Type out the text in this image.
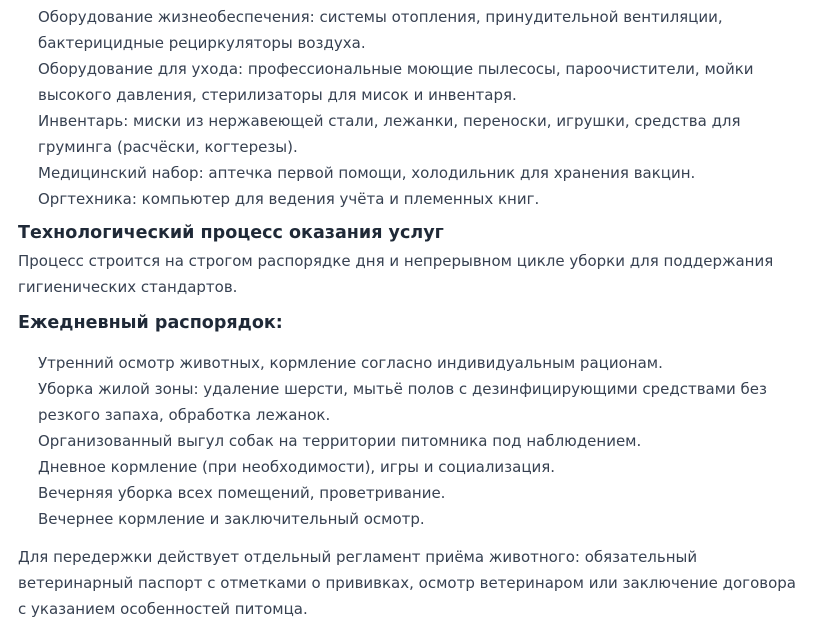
Оборудование жизнеобеспечения: системы отопления, принудительной вентиляции, бактерицидные рециркуляторы воздуха.
Оборудование для ухода: профессиональные моющие пылесосы, пароочистители, мойки высокого давления, стерилизаторы для мисок и инвентаря.
Инвентарь: миски из нержавеющей стали, лежанки, переноски, игрушки, средства для груминга (расчёски, когтерезы).
Медицинский набор: аптечка первой помощи, холодильник для хранения вакцин.
Оргтехника: компьютер для ведения учёта и племенных книг.
Технологический процесс оказания услуг

Процесс строится на строгом распорядке дня и непрерывном цикле уборки для поддержания гигиенических стандартов.

Ежедневный распорядок:
Утренний осмотр животных, кормление согласно индивидуальным рационам.
Уборка жилой зоны: удаление шерсти, мытьё полов с дезинфицирующими средствами без резкого запаха, обработка лежанок.
Организованный выгул собак на территории питомника под наблюдением.
Дневное кормление (при необходимости), игры и социализация.
Вечерняя уборка всех помещений, проветривание.
Вечернее кормление и заключительный осмотр.

Для передержки действует отдельный регламент приёма животного: обязательный ветеринарный паспорт с отметками о прививках, осмотр ветеринаром или заключение договора с указанием особенностей питомца.
